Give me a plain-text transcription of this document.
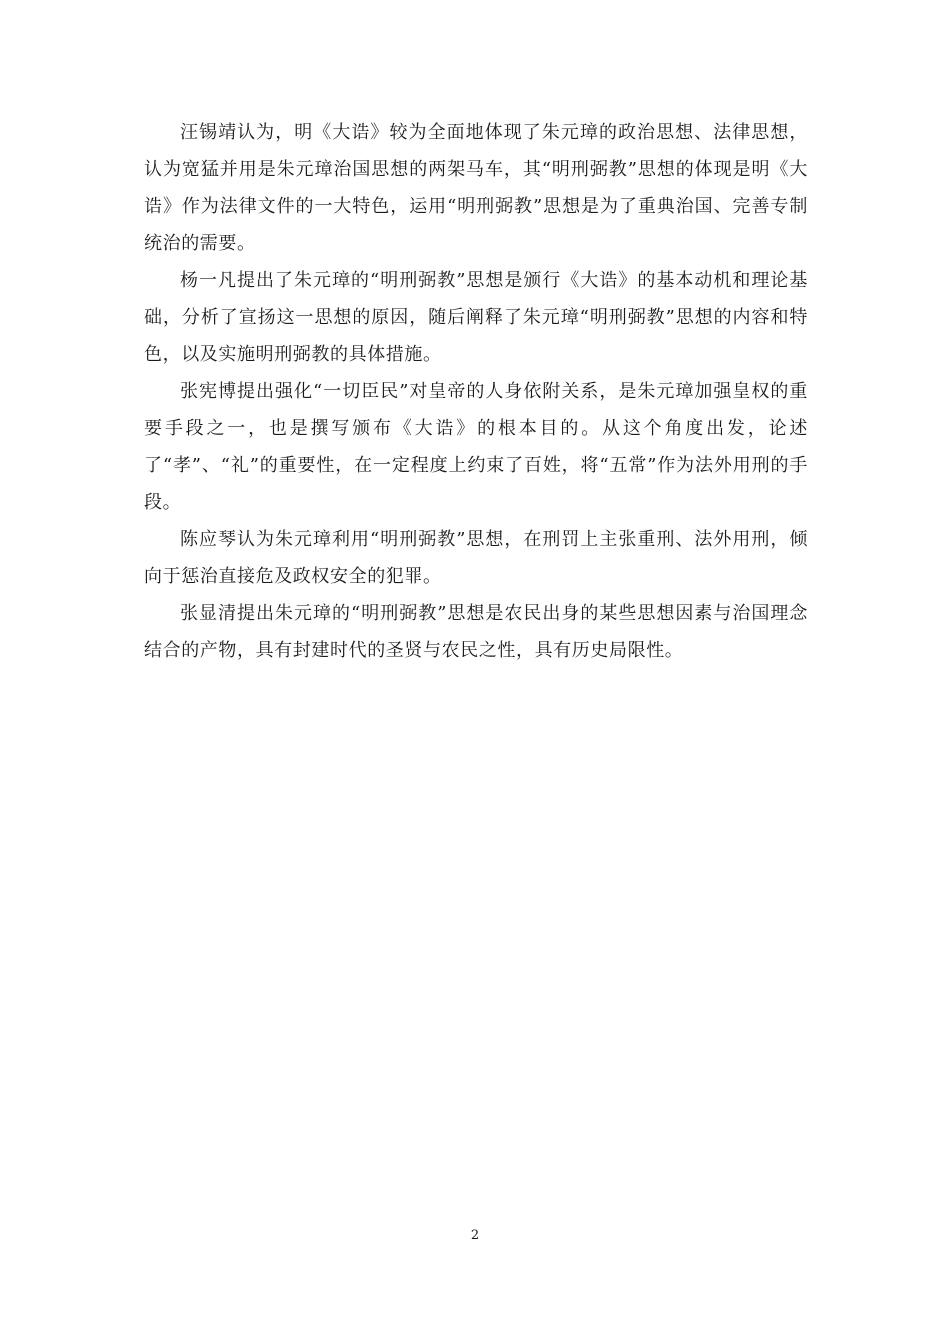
汪锡靖认为，明《大诰》较为全面地体现了朱元璋的政治思想、法律思想，认为宽猛并用是朱元璋治国思想的两架马车，其“明刑弼教”思想的体现是明《大诰》作为法律文件的一大特色，运用“明刑弼教”思想是为了重典治国、完善专制统治的需要。

杨一凡提出了朱元璋的“明刑弼教”思想是颁行《大诰》的基本动机和理论基础，分析了宣扬这一思想的原因，随后阐释了朱元璋“明刑弼教”思想的内容和特色，以及实施明刑弼教的具体措施。

张宪博提出强化“一切臣民”对皇帝的人身依附关系，是朱元璋加强皇权的重要手段之一，也是撰写颁布《大诰》的根本目的。从这个角度出发，论述了“孝”、“礼”的重要性，在一定程度上约束了百姓，将“五常”作为法外用刑的手段。

陈应琴认为朱元璋利用“明刑弼教”思想，在刑罚上主张重刑、法外用刑，倾向于惩治直接危及政权安全的犯罪。

张显清提出朱元璋的“明刑弼教”思想是农民出身的某些思想因素与治国理念结合的产物，具有封建时代的圣贤与农民之性，具有历史局限性。

2
